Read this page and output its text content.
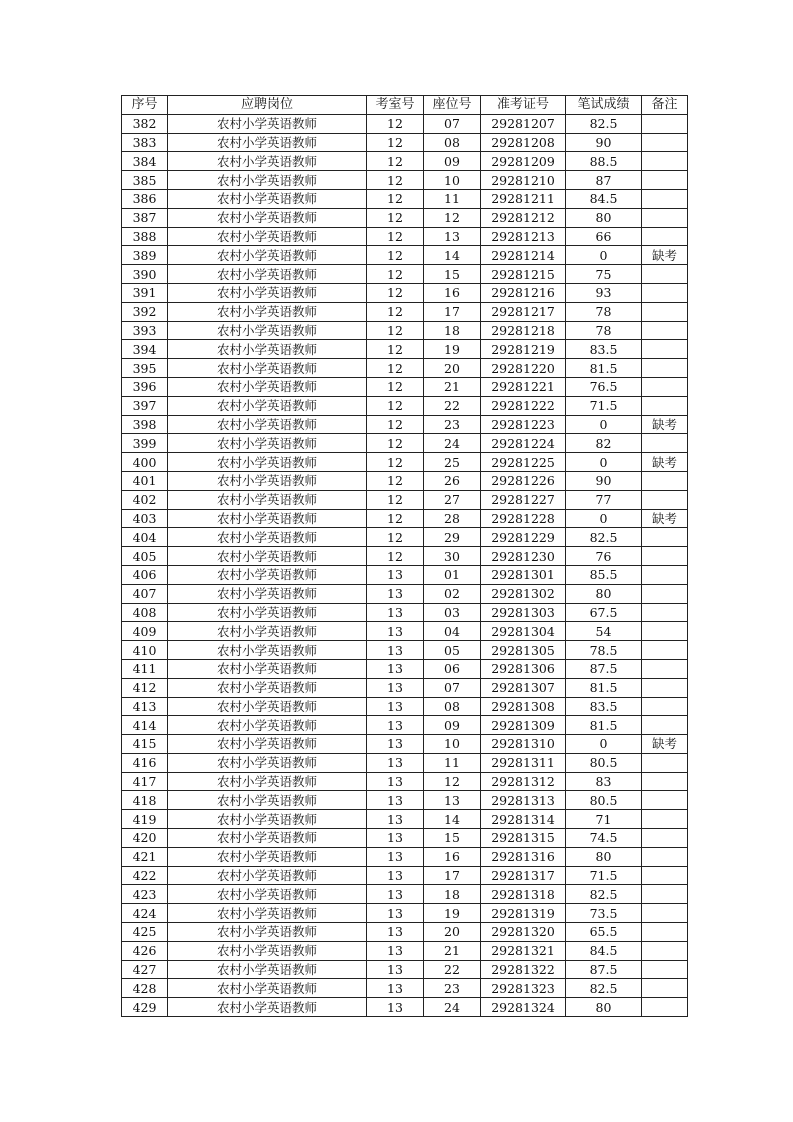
序号	应聘岗位	考室号	座位号	准考证号	笔试成绩	备注
382	农村小学英语教师	12	07	29281207	82.5	
383	农村小学英语教师	12	08	29281208	90	
384	农村小学英语教师	12	09	29281209	88.5	
385	农村小学英语教师	12	10	29281210	87	
386	农村小学英语教师	12	11	29281211	84.5	
387	农村小学英语教师	12	12	29281212	80	
388	农村小学英语教师	12	13	29281213	66	
389	农村小学英语教师	12	14	29281214	0	缺考
390	农村小学英语教师	12	15	29281215	75	
391	农村小学英语教师	12	16	29281216	93	
392	农村小学英语教师	12	17	29281217	78	
393	农村小学英语教师	12	18	29281218	78	
394	农村小学英语教师	12	19	29281219	83.5	
395	农村小学英语教师	12	20	29281220	81.5	
396	农村小学英语教师	12	21	29281221	76.5	
397	农村小学英语教师	12	22	29281222	71.5	
398	农村小学英语教师	12	23	29281223	0	缺考
399	农村小学英语教师	12	24	29281224	82	
400	农村小学英语教师	12	25	29281225	0	缺考
401	农村小学英语教师	12	26	29281226	90	
402	农村小学英语教师	12	27	29281227	77	
403	农村小学英语教师	12	28	29281228	0	缺考
404	农村小学英语教师	12	29	29281229	82.5	
405	农村小学英语教师	12	30	29281230	76	
406	农村小学英语教师	13	01	29281301	85.5	
407	农村小学英语教师	13	02	29281302	80	
408	农村小学英语教师	13	03	29281303	67.5	
409	农村小学英语教师	13	04	29281304	54	
410	农村小学英语教师	13	05	29281305	78.5	
411	农村小学英语教师	13	06	29281306	87.5	
412	农村小学英语教师	13	07	29281307	81.5	
413	农村小学英语教师	13	08	29281308	83.5	
414	农村小学英语教师	13	09	29281309	81.5	
415	农村小学英语教师	13	10	29281310	0	缺考
416	农村小学英语教师	13	11	29281311	80.5	
417	农村小学英语教师	13	12	29281312	83	
418	农村小学英语教师	13	13	29281313	80.5	
419	农村小学英语教师	13	14	29281314	71	
420	农村小学英语教师	13	15	29281315	74.5	
421	农村小学英语教师	13	16	29281316	80	
422	农村小学英语教师	13	17	29281317	71.5	
423	农村小学英语教师	13	18	29281318	82.5	
424	农村小学英语教师	13	19	29281319	73.5	
425	农村小学英语教师	13	20	29281320	65.5	
426	农村小学英语教师	13	21	29281321	84.5	
427	农村小学英语教师	13	22	29281322	87.5	
428	农村小学英语教师	13	23	29281323	82.5	
429	农村小学英语教师	13	24	29281324	80	
